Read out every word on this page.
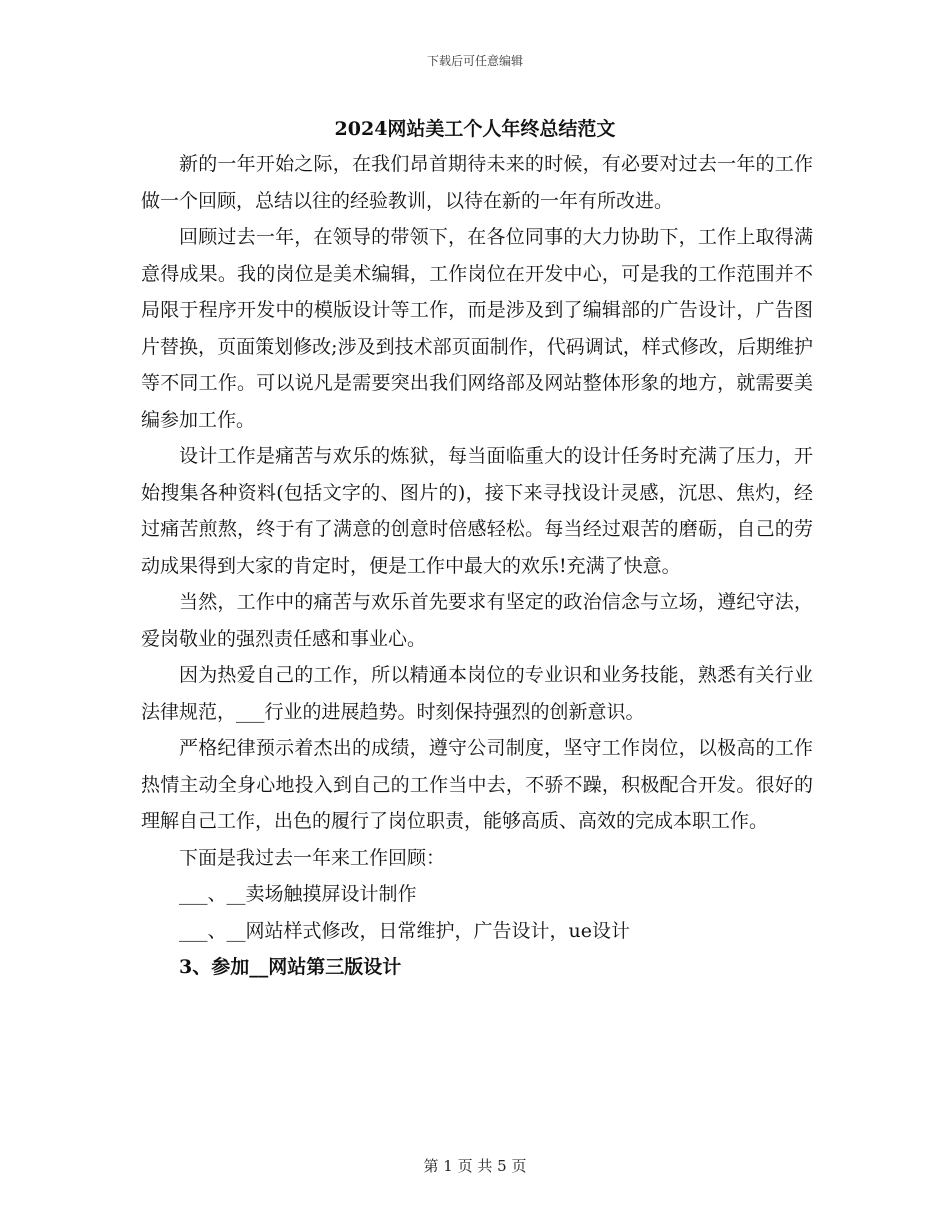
下载后可任意编辑
2024网站美工个人年终总结范文

新的一年开始之际，在我们昂首期待未来的时候，有必要对过去一年的工作做一个回顾，总结以往的经验教训，以待在新的一年有所改进。

回顾过去一年，在领导的带领下，在各位同事的大力协助下，工作上取得满意得成果。我的岗位是美术编辑，工作岗位在开发中心，可是我的工作范围并不局限于程序开发中的模版设计等工作，而是涉及到了编辑部的广告设计，广告图片替换，页面策划修改;涉及到技术部页面制作，代码调试，样式修改，后期维护等不同工作。可以说凡是需要突出我们网络部及网站整体形象的地方，就需要美编参加工作。

设计工作是痛苦与欢乐的炼狱，每当面临重大的设计任务时充满了压力，开始搜集各种资料(包括文字的、图片的)，接下来寻找设计灵感，沉思、焦灼，经过痛苦煎熬，终于有了满意的创意时倍感轻松。每当经过艰苦的磨砺，自己的劳动成果得到大家的肯定时，便是工作中最大的欢乐!充满了快意。

当然，工作中的痛苦与欢乐首先要求有坚定的政治信念与立场，遵纪守法，爱岗敬业的强烈责任感和事业心。

因为热爱自己的工作，所以精通本岗位的专业识和业务技能，熟悉有关行业法律规范，___行业的进展趋势。时刻保持强烈的创新意识。

严格纪律预示着杰出的成绩，遵守公司制度，坚守工作岗位，以极高的工作热情主动全身心地投入到自己的工作当中去，不骄不躁，积极配合开发。很好的理解自己工作，出色的履行了岗位职责，能够高质、高效的完成本职工作。

下面是我过去一年来工作回顾：

___、__卖场触摸屏设计制作

___、__网站样式修改，日常维护，广告设计，ue设计

3、参加__网站第三版设计

第 1 页 共 5 页
